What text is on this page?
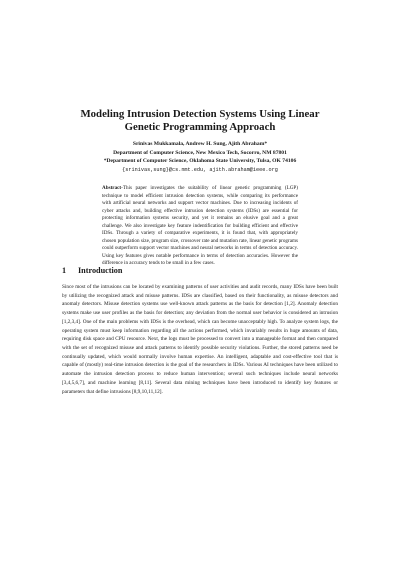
Modeling Intrusion Detection Systems Using Linear
Genetic Programming Approach
Srinivas Mukkamala, Andrew H. Sung, Ajith Abraham*
Department of Computer Science, New Mexico Tech, Socorro, NM 87801
*Department of Computer Science, Oklahoma State University, Tulsa, OK 74106
{srinivas,sung}@cs.nmt.edu, ajith.abraham@ieee.org

Abstract-This paper investigates the suitability of linear genetic programming (LGP) technique to model efficient intrusion detection systems, while comparing its performance with artificial neural networks and support vector machines. Due to increasing incidents of cyber attacks and, building effective intrusion detection systems (IDSs) are essential for protecting information systems security, and yet it remains an elusive goal and a great challenge. We also investigate key feature indentification for building efficient and effective IDSs. Through a variety of comparative experiments, it is found that, with appropriately chosen population size, program size, crossover rate and mutation rate, linear genetic programs could outperform support vector machines and neural networks in terms of detection accuracy. Using key features gives notable performance in terms of detection accuracies. However the difference in accuracy tends to be small in a few cases.

1 Introduction

Since most of the intrusions can be located by examining patterns of user activities and audit records, many IDSs have been built by utilizing the recognized attack and misuse patterns. IDSs are classified, based on their functionality, as misuse detectors and anomaly detectors. Misuse detection systems use well-known attack patterns as the basis for detection [1,2]. Anomaly detection systems make use user profiles as the basis for detection; any deviation from the normal user behavior is considered an intrusion [1,2,3,4]. One of the main problems with IDSs is the overhead, which can become unacceptably high. To analyze system logs, the operating system must keep information regarding all the actions performed, which invariably results in huge amounts of data, requiring disk space and CPU resource. Next, the logs must be processed to convert into a manageable format and then compared with the set of recognized misuse and attack patterns to identify possible security violations. Further, the stored patterns need be continually updated, which would normally involve human expertise. An intelligent, adaptable and cost-effective tool that is capable of (mostly) real-time intrusion detection is the goal of the researchers in IDSs. Various AI techniques have been utilized to automate the intrusion detection process to reduce human intervention; several such techniques include neural networks [3,4,5,6,7], and machine learning [8,11]. Several data mining techniques have been introduced to identify key features or parameters that define intrusions [8,9,10,11,12].
